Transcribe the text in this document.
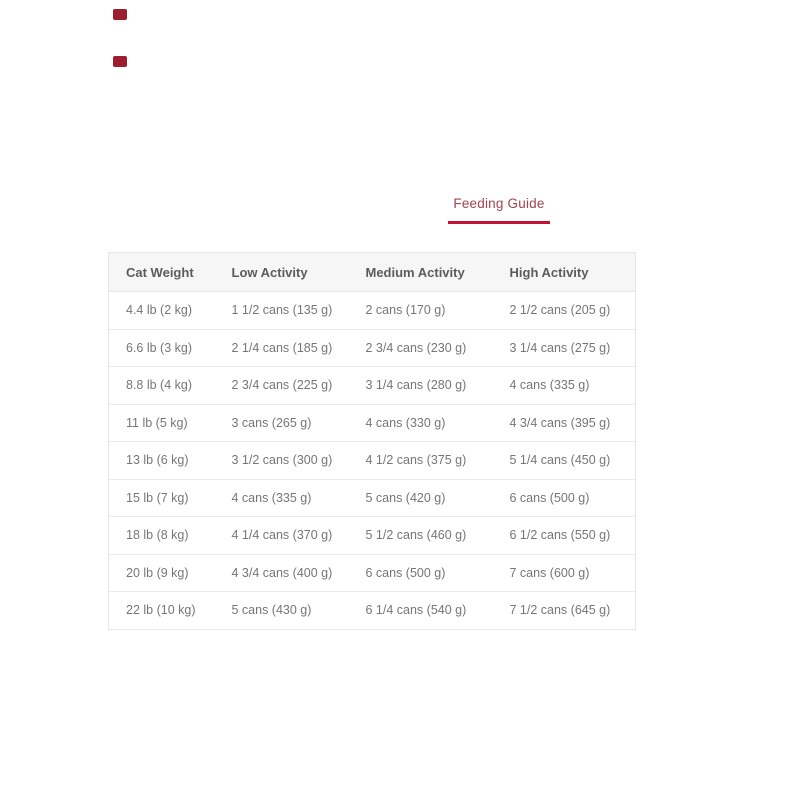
Feeding Guide
Cat Weight	Low Activity	Medium Activity	High Activity
4.4 lb (2 kg)	1 1/2 cans (135 g)	2 cans (170 g)	2 1/2 cans (205 g)
6.6 lb (3 kg)	2 1/4 cans (185 g)	2 3/4 cans (230 g)	3 1/4 cans (275 g)
8.8 lb (4 kg)	2 3/4 cans (225 g)	3 1/4 cans (280 g)	4 cans (335 g)
11 lb (5 kg)	3 cans (265 g)	4 cans (330 g)	4 3/4 cans (395 g)
13 lb (6 kg)	3 1/2 cans (300 g)	4 1/2 cans (375 g)	5 1/4 cans (450 g)
15 lb (7 kg)	4 cans (335 g)	5 cans (420 g)	6 cans (500 g)
18 lb (8 kg)	4 1/4 cans (370 g)	5 1/2 cans (460 g)	6 1/2 cans (550 g)
20 lb (9 kg)	4 3/4 cans (400 g)	6 cans (500 g)	7 cans (600 g)
22 lb (10 kg)	5 cans (430 g)	6 1/4 cans (540 g)	7 1/2 cans (645 g)
